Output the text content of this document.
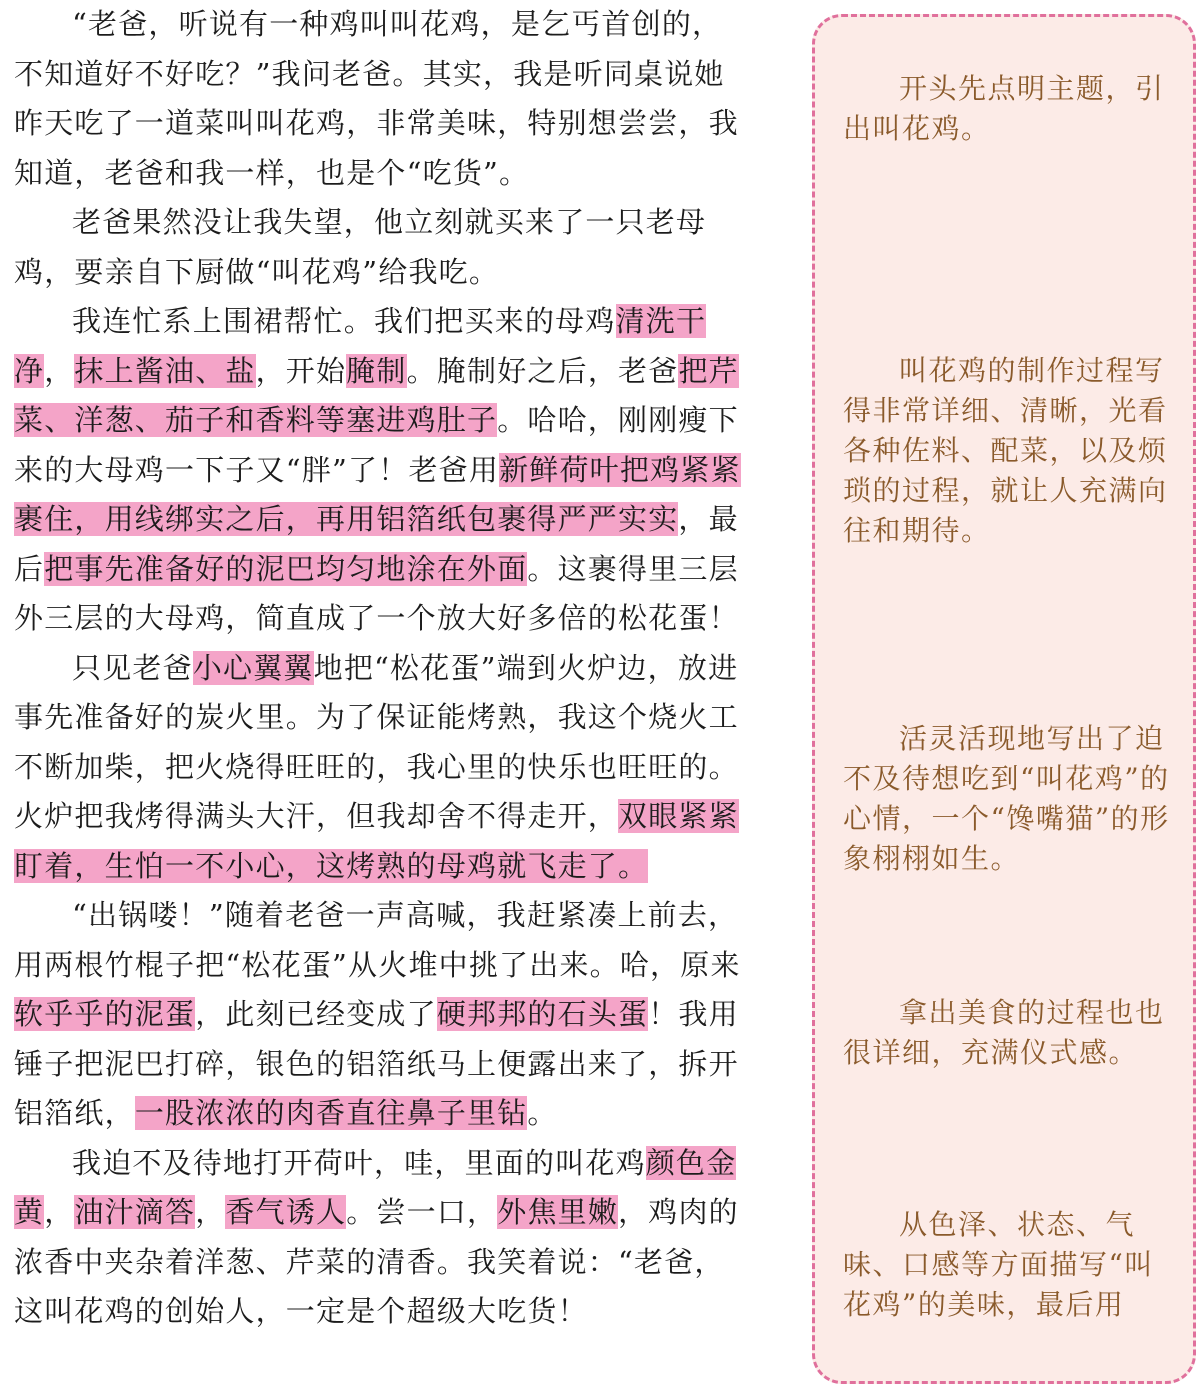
“老爸，听说有一种鸡叫叫花鸡，是乞丐首创的，不知道好不好吃？”我问老爸。其实，我是听同桌说她昨天吃了一道菜叫叫花鸡，非常美味，特别想尝尝，我知道，老爸和我一样，也是个“吃货”。

老爸果然没让我失望，他立刻就买来了一只老母鸡，要亲自下厨做“叫花鸡”给我吃。

我连忙系上围裙帮忙。我们把买来的母鸡清洗干净，抹上酱油、盐，开始腌制。腌制好之后，老爸把芹菜、洋葱、茄子和香料等塞进鸡肚子。哈哈，刚刚瘦下来的大母鸡一下子又“胖”了！老爸用新鲜荷叶把鸡紧紧裹住，用线绑实之后，再用铝箔纸包裹得严严实实，最后把事先准备好的泥巴均匀地涂在外面。这裹得里三层外三层的大母鸡，简直成了一个放大好多倍的松花蛋！

只见老爸小心翼翼地把“松花蛋”端到火炉边，放进事先准备好的炭火里。为了保证能烤熟，我这个烧火工不断加柴，把火烧得旺旺的，我心里的快乐也旺旺的。火炉把我烤得满头大汗，但我却舍不得走开，双眼紧紧盯着，生怕一不小心，这烤熟的母鸡就飞走了。

“出锅喽！”随着老爸一声高喊，我赶紧凑上前去，用两根竹棍子把“松花蛋”从火堆中挑了出来。哈，原来软乎乎的泥蛋，此刻已经变成了硬邦邦的石头蛋！我用锤子把泥巴打碎，银色的铝箔纸马上便露出来了，拆开铝箔纸，一股浓浓的肉香直往鼻子里钻。

我迫不及待地打开荷叶，哇，里面的叫花鸡颜色金黄，油汁滴答，香气诱人。尝一口，外焦里嫩，鸡肉的浓香中夹杂着洋葱、芹菜的清香。我笑着说：“老爸，这叫花鸡的创始人，一定是个超级大吃货！

开头先点明主题，引出叫花鸡。

叫花鸡的制作过程写得非常详细、清晰，光看各种佐料、配菜，以及烦琐的过程，就让人充满向往和期待。

活灵活现地写出了迫不及待想吃到“叫花鸡”的心情，一个“馋嘴猫”的形象栩栩如生。

拿出美食的过程也也很详细，充满仪式感。

从色泽、状态、气味、口感等方面描写“叫花鸡”的美味，最后用
